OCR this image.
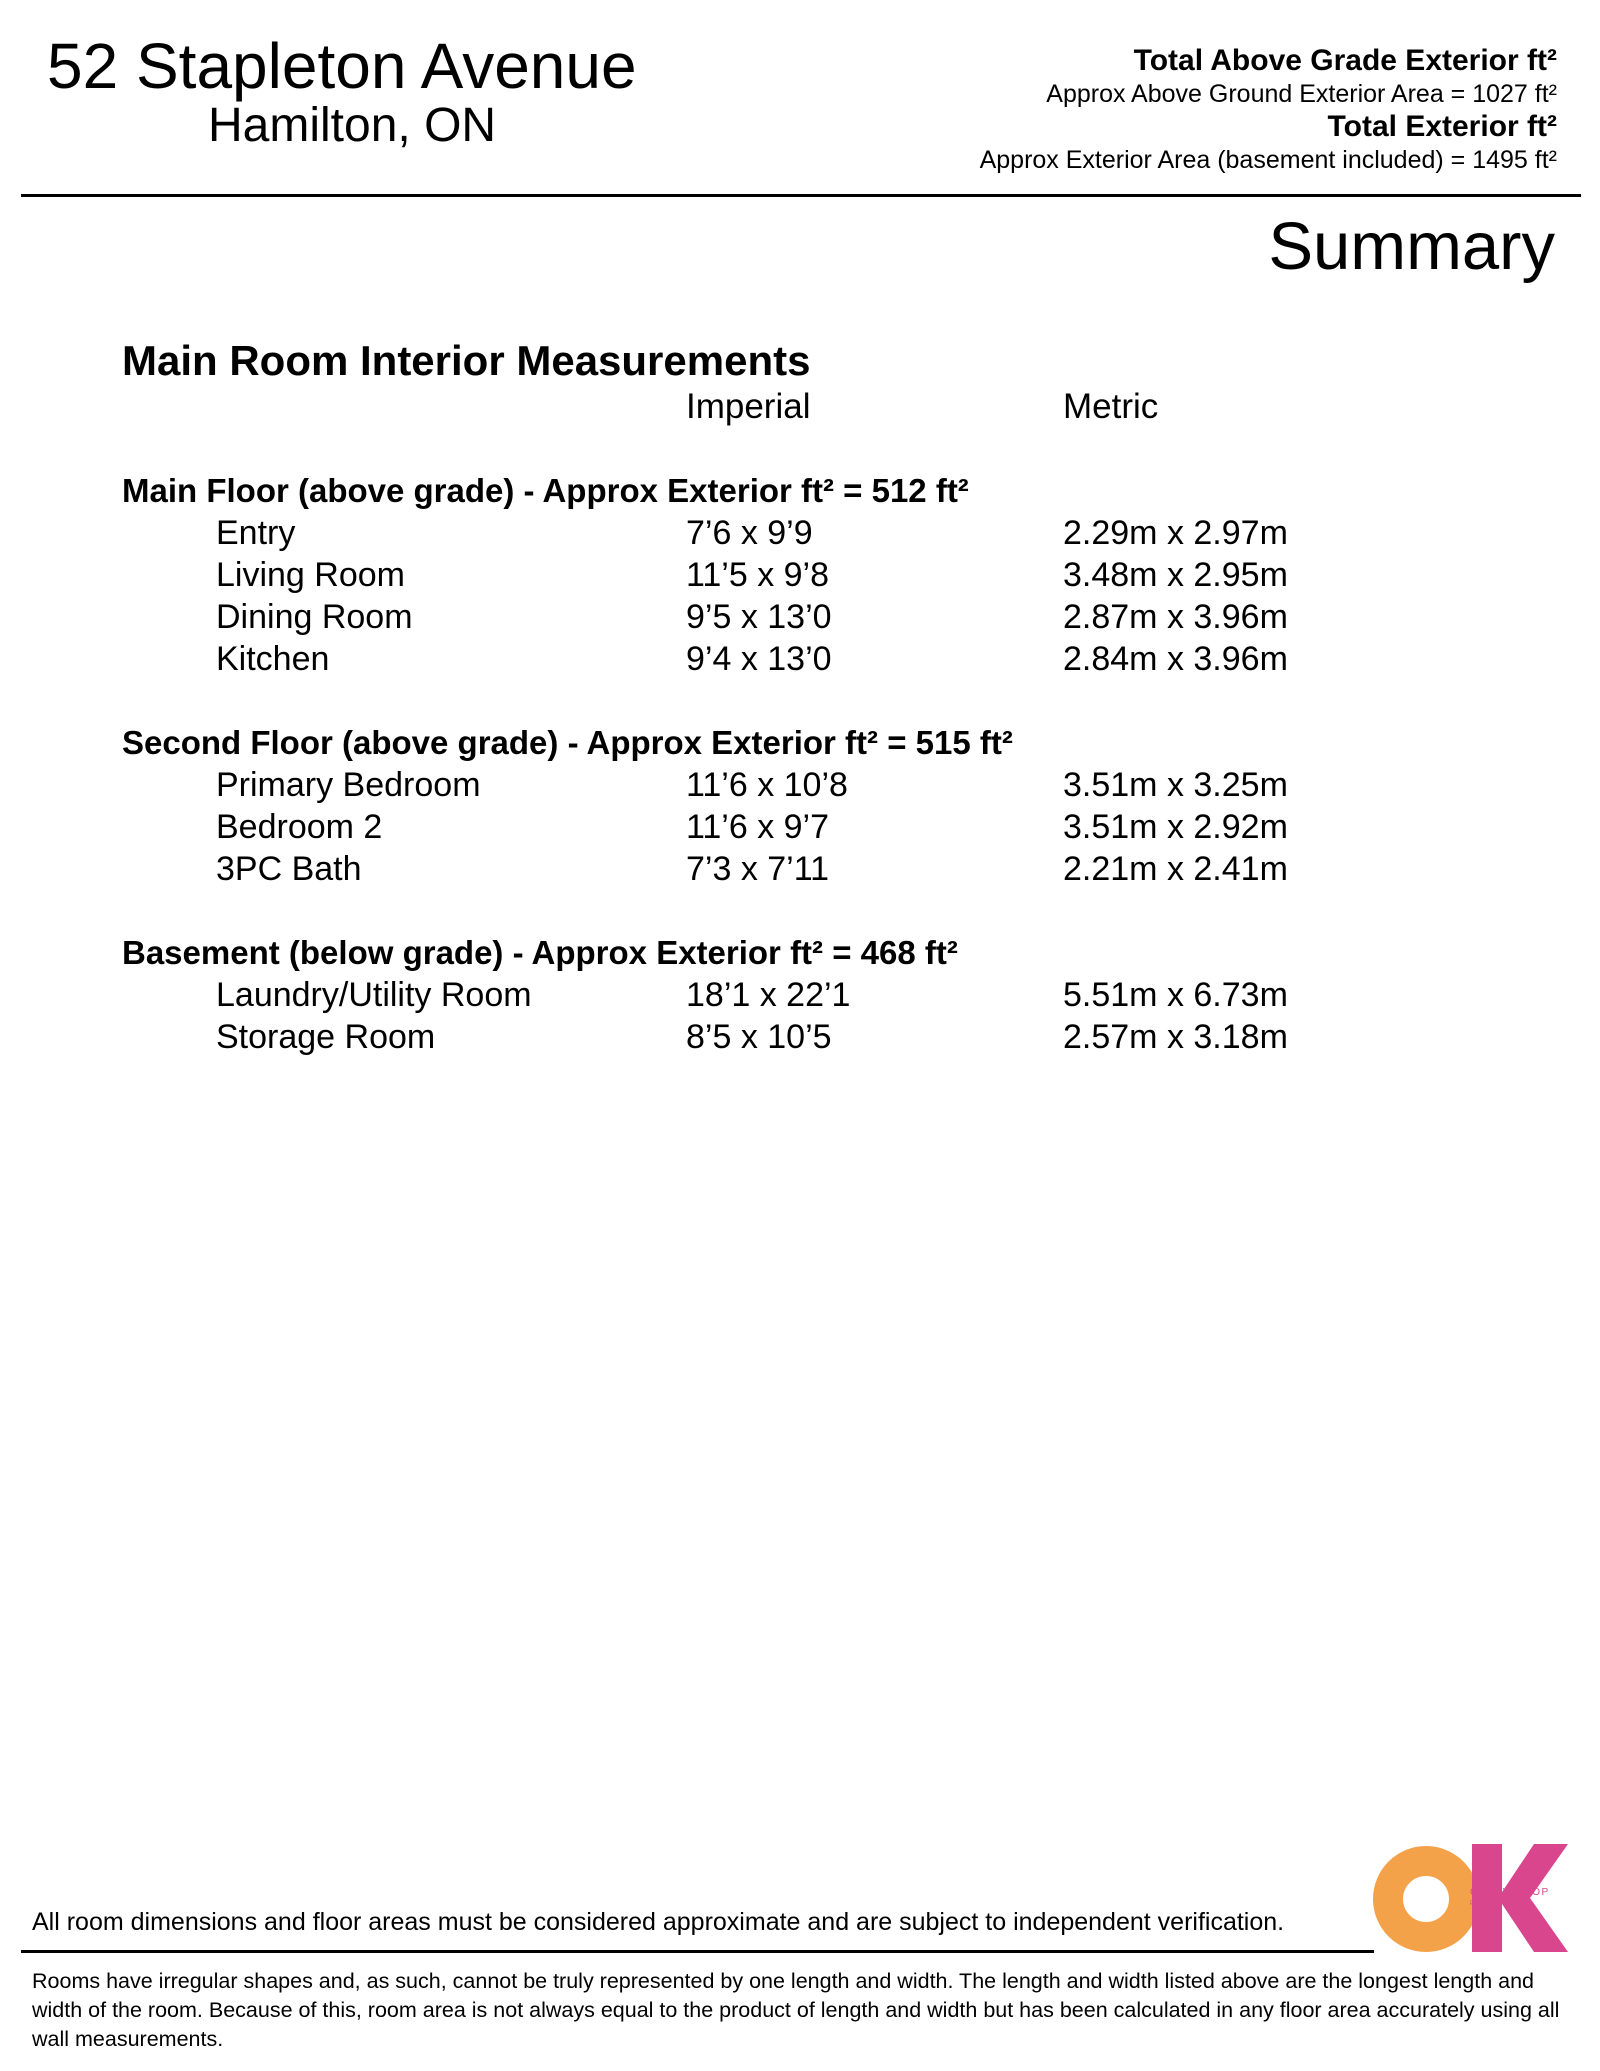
52 Stapleton Avenue
Hamilton, ON
Total Above Grade Exterior ft²
Approx Above Ground Exterior Area = 1027 ft²
Total Exterior ft²
Approx Exterior Area (basement included) = 1495 ft²
Summary
Main Room Interior Measurements
Imperial	Metric
Main Floor (above grade) - Approx Exterior ft² = 512 ft²
Entry	7’6 x 9’9	2.29m x 2.97m
Living Room	11’5 x 9’8	3.48m x 2.95m
Dining Room	9’5 x 13’0	2.87m x 3.96m
Kitchen	9’4 x 13’0	2.84m x 3.96m
Second Floor (above grade) - Approx Exterior ft² = 515 ft²
Primary Bedroom	11’6 x 10’8	3.51m x 3.25m
Bedroom 2	11’6 x 9’7	3.51m x 2.92m
3PC Bath	7’3 x 7’11	2.21m x 2.41m
Basement (below grade) - Approx Exterior ft² = 468 ft²
Laundry/Utility Room	18’1 x 22’1	5.51m x 6.73m
Storage Room	8’5 x 10’5	2.57m x 3.18m
All room dimensions and floor areas must be considered approximate and are subject to independent verification.
Rooms have irregular shapes and, as such, cannot be truly represented by one length and width. The length and width listed above are the longest length and width of the room. Because of this, room area is not always equal to the product of length and width but has been calculated in any floor area accurately using all wall measurements.
CATHY KOOP
PHOTOGRAPHY
